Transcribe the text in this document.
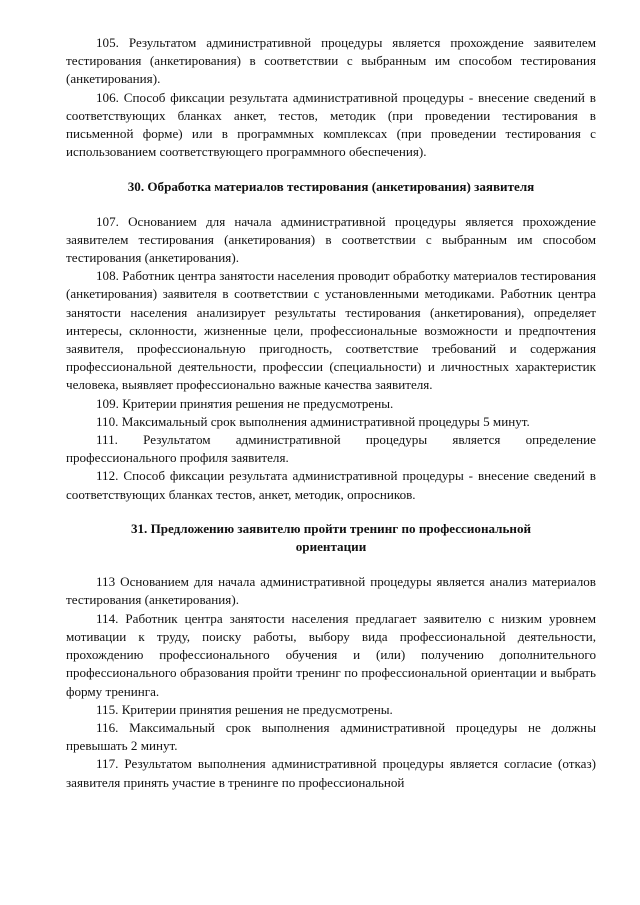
105. Результатом административной процедуры является прохождение заявителем тестирования (анкетирования) в соответствии с выбранным им способом тестирования (анкетирования).

106. Способ фиксации результата административной процедуры - внесение сведений в соответствующих бланках анкет, тестов, методик (при проведении тестирования в письменной форме) или в программных комплексах (при проведении тестирования с использованием соответствующего программного обеспечения).

30. Обработка материалов тестирования (анкетирования) заявителя

107. Основанием для начала административной процедуры является прохождение заявителем тестирования (анкетирования) в соответствии с выбранным им способом тестирования (анкетирования).

108. Работник центра занятости населения проводит обработку материалов тестирования (анкетирования) заявителя в соответствии с установленными методиками. Работник центра занятости населения анализирует результаты тестирования (анкетирования), определяет интересы, склонности, жизненные цели, профессиональные возможности и предпочтения заявителя, профессиональную пригодность, соответствие требований и содержания профессиональной деятельности, профессии (специальности) и личностных характеристик человека, выявляет профессионально важные качества заявителя.

109. Критерии принятия решения не предусмотрены.

110. Максимальный срок выполнения административной процедуры 5 минут.

111. Результатом административной процедуры является определение профессионального профиля заявителя.

112. Способ фиксации результата административной процедуры - внесение сведений в соответствующих бланках тестов, анкет, методик, опросников.

31. Предложению заявителю пройти тренинг по профессиональной

ориентации

113 Основанием для начала административной процедуры является анализ материалов тестирования (анкетирования).

114. Работник центра занятости населения предлагает заявителю с низким уровнем мотивации к труду, поиску работы, выбору вида профессиональной деятельности, прохождению профессионального обучения и (или) получению дополнительного профессионального образования пройти тренинг по профессиональной ориентации и выбрать форму тренинга.

115. Критерии принятия решения не предусмотрены.

116. Максимальный срок выполнения административной процедуры не должны превышать 2 минут.

117. Результатом выполнения административной процедуры является согласие (отказ) заявителя принять участие в тренинге по профессиональной
